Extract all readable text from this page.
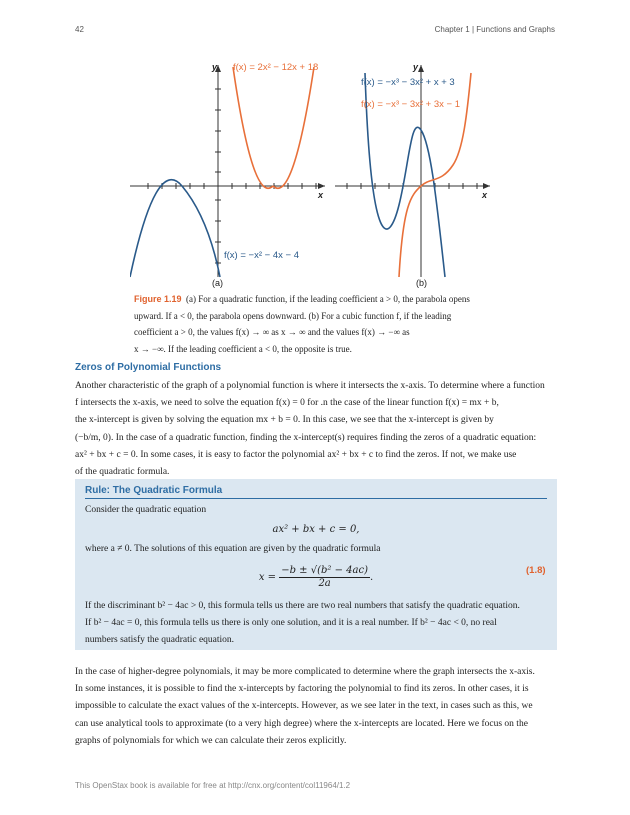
42	Chapter 1 | Functions and Graphs
y
x
f(x) = 2x² − 12x + 18
f(x) = −x² − 4x − 4
(a)
y
x
f(x) = −x³ − 3x² + x + 3
f(x) = −x³ − 3x² + 3x − 1
(b)
Figure 1.19 (a) For a quadratic function, if the leading coefficient a > 0, the parabola opens
upward. If a < 0, the parabola opens downward. (b) For a cubic function f, if the leading
coefficient a > 0, the values f(x) → ∞ as x → ∞ and the values f(x) → −∞ as
x → −∞. If the leading coefficient a < 0, the opposite is true.
Zeros of Polynomial Functions
Another characteristic of the graph of a polynomial function is where it intersects the x-axis. To determine where a function
f intersects the x-axis, we need to solve the equation f(x) = 0 for .n the case of the linear function f(x) = mx + b,
the x-intercept is given by solving the equation mx + b = 0. In this case, we see that the x-intercept is given by
(−b/m, 0). In the case of a quadratic function, finding the x-intercept(s) requires finding the zeros of a quadratic equation:
ax² + bx + c = 0. In some cases, it is easy to factor the polynomial ax² + bx + c to find the zeros. If not, we make use
of the quadratic formula.
Rule: The Quadratic Formula
Consider the quadratic equation
ax² + bx + c = 0,
where a ≠ 0. The solutions of this equation are given by the quadratic formula
$x = \frac{\text{−b ± √(b² − 4ac)}}{2a}$ .
(1.8)
If the discriminant b² − 4ac > 0, this formula tells us there are two real numbers that satisfy the quadratic equation.
If b² − 4ac = 0, this formula tells us there is only one solution, and it is a real number. If b² − 4ac < 0, no real
numbers satisfy the quadratic equation.
In the case of higher-degree polynomials, it may be more complicated to determine where the graph intersects the x-axis.
In some instances, it is possible to find the x-intercepts by factoring the polynomial to find its zeros. In other cases, it is
impossible to calculate the exact values of the x-intercepts. However, as we see later in the text, in cases such as this, we
can use analytical tools to approximate (to a very high degree) where the x-intercepts are located. Here we focus on the
graphs of polynomials for which we can calculate their zeros explicitly.
This OpenStax book is available for free at http://cnx.org/content/col11964/1.2
